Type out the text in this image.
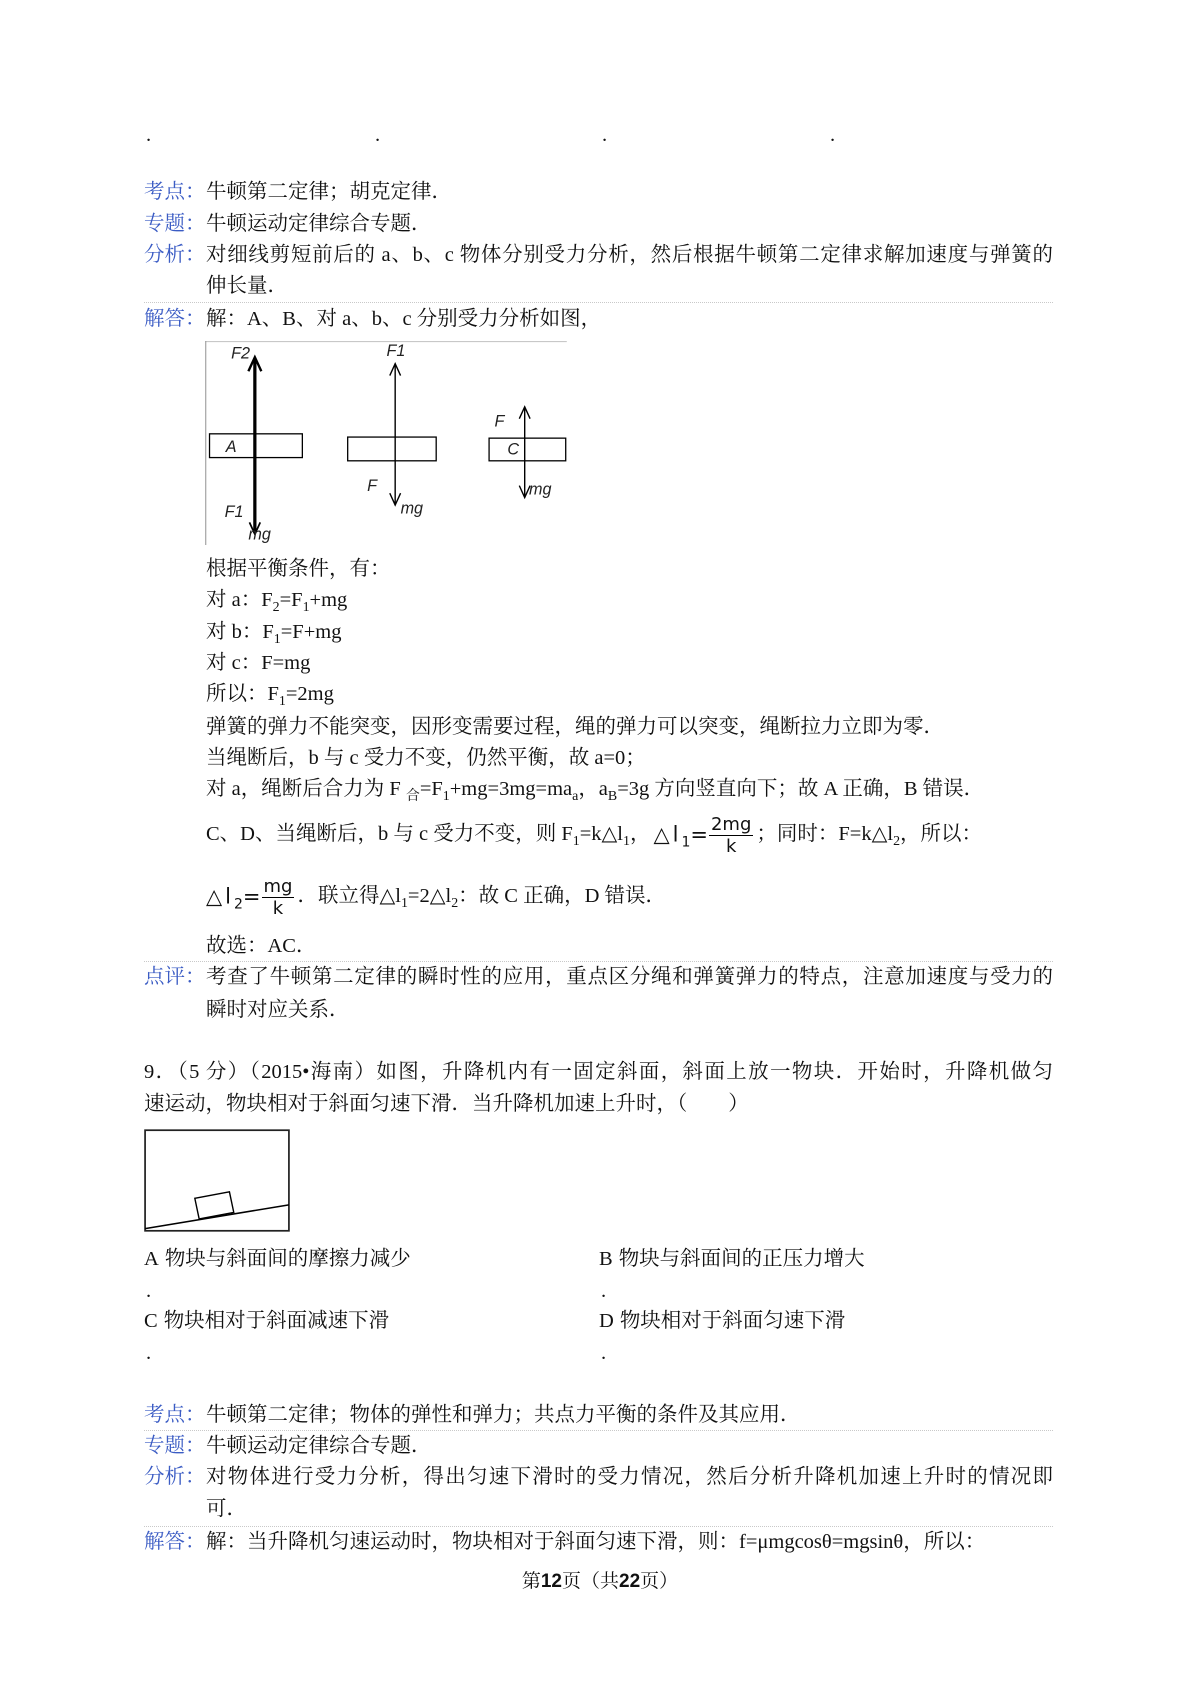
.	.	.	.
考点：牛顿第二定律；胡克定律．
专题：牛顿运动定律综合专题．
分析：对细线剪短前后的 a、b、c 物体分别受力分析，然后根据牛顿第二定律求解加速度与弹簧的
伸长量．
解答：解：A、B、对 a、b、c 分别受力分析如图，
F2
A
F1
mg
F1
F
mg
F
C
mg
根据平衡条件，有：
对 a：$F_2=F_1+mg$
对 b：$F_1=F+mg$
对 c：F=mg
所以：$F_1=2mg$
弹簧的弹力不能突变，因形变需要过程，绳的弹力可以突变，绳断拉力立即为零．
当绳断后，b 与 c 受力不变，仍然平衡，故 a=0；
对 a，绳断后合力为 F $_合=F_1+mg=3mg=ma_a$，$a_B=3g$ 方向竖直向下；故 A 正确，B 错误．
C、D、当绳断后，b 与 c 受力不变，则 $F_1=k\triangle l_1$， $\triangle l_1= \frac{2mg}{k}$ ；同时：$F=k\triangle l_2$，所以：
$\triangle l_2= \frac{mg}{k}$ ．联立得$\triangle l_1=2\triangle l_2$：故 C 正确，D 错误．
故选：AC．
点评：考查了牛顿第二定律的瞬时性的应用，重点区分绳和弹簧弹力的特点，注意加速度与受力的
瞬时对应关系．
9．（5 分）（2015•海南）如图，升降机内有一固定斜面，斜面上放一物块．开始时，升降机做匀
速运动，物块相对于斜面匀速下滑．当升降机加速上升时，（　　）
A 物块与斜面间的摩擦力减少	B 物块与斜面间的正压力增大
.	.
C 物块相对于斜面减速下滑	D 物块相对于斜面匀速下滑
.	.
考点：牛顿第二定律；物体的弹性和弹力；共点力平衡的条件及其应用．
专题：牛顿运动定律综合专题．
分析：对物体进行受力分析，得出匀速下滑时的受力情况，然后分析升降机加速上升时的情况即
可．
解答：解：当升降机匀速运动时，物块相对于斜面匀速下滑，则：f=μmgcosθ=mgsinθ，所以：
第12页（共22页）
